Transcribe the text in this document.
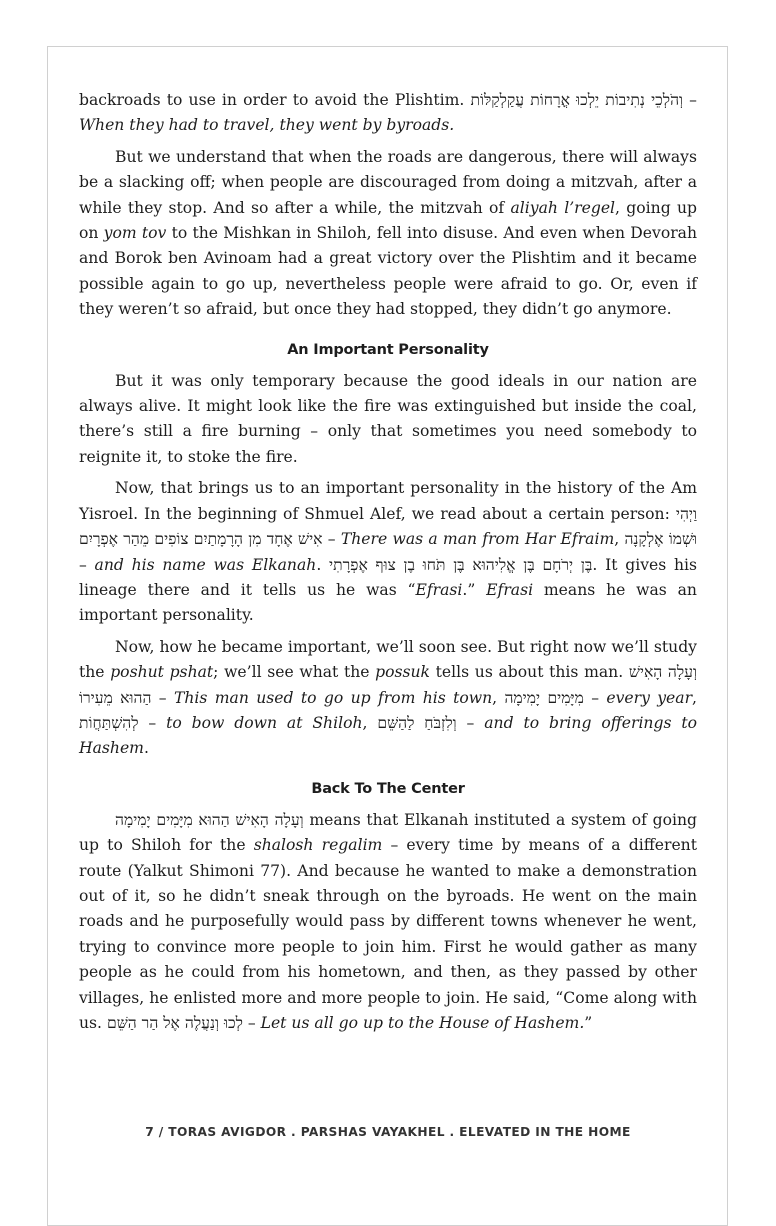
backroads to use in order to avoid the Plishtim. וְהֹלְכֵי נְתִיבוֹת יֵלְכוּ אֳרָחוֹת עֲקַלְקַלּוֹת – When they had to travel, they went by byroads.

But we understand that when the roads are dangerous, there will always be a slacking off; when people are discouraged from doing a mitzvah, after a while they stop. And so after a while, the mitzvah of aliyah l’regel, going up on yom tov to the Mishkan in Shiloh, fell into disuse. And even when Devorah and Borok ben Avinoam had a great victory over the Plishtim and it became possible again to go up, nevertheless people were afraid to go. Or, even if they weren’t so afraid, but once they had stopped, they didn’t go anymore.

An Important Personality

But it was only temporary because the good ideals in our nation are always alive. It might look like the fire was extinguished but inside the coal, there’s still a fire burning – only that sometimes you need somebody to reignite it, to stoke the fire.

Now, that brings us to an important personality in the history of the Am Yisroel. In the beginning of Shmuel Alef, we read about a certain person: וַיְהִי אִישׁ אֶחָד מִן הָרָמָתַיִם צוֹפִים מֵהַר אֶפְרָיִם – There was a man from Har Efraim, וּשְׁמוֹ אֶלְקָנָה – and his name was Elkanah. בֶּן יְרֹחָם בֶּן אֱלִיהוּא בֶּן תֹּחוּ בֶן צוּף אֶפְרָתִי. It gives his lineage there and it tells us he was “Efrasi.” Efrasi means he was an important personality.

Now, how he became important, we’ll soon see. But right now we’ll study the poshut pshat; we’ll see what the possuk tells us about this man. וְעָלָה הָאִישׁ הַהוּא מֵעִירוֹ – This man used to go up from his town, מִיָּמִים יָמִימָה – every year, לְהִשְׁתַּחֲוֹת – to bow down at Shiloh, וְלִזְבֹּחַ לַהַשֵּׁם – and to bring offerings to Hashem.

Back To The Center

וְעָלָה הָאִישׁ הַהוּא מִיָּמִים יָמִימָה means that Elkanah instituted a system of going up to Shiloh for the shalosh regalim – every time by means of a different route (Yalkut Shimoni 77). And because he wanted to make a demonstration out of it, so he didn’t sneak through on the byroads. He went on the main roads and he purposefully would pass by different towns whenever he went, trying to convince more people to join him. First he would gather as many people as he could from his hometown, and then, as they passed by other villages, he enlisted more and more people to join. He said, “Come along with us. לְכוּ וְנַעֲלֶה אֶל הַר הַשֵּׁם – Let us all go up to the House of Hashem.”

7 / TORAS AVIGDOR . PARSHAS VAYAKHEL . ELEVATED IN THE HOME
